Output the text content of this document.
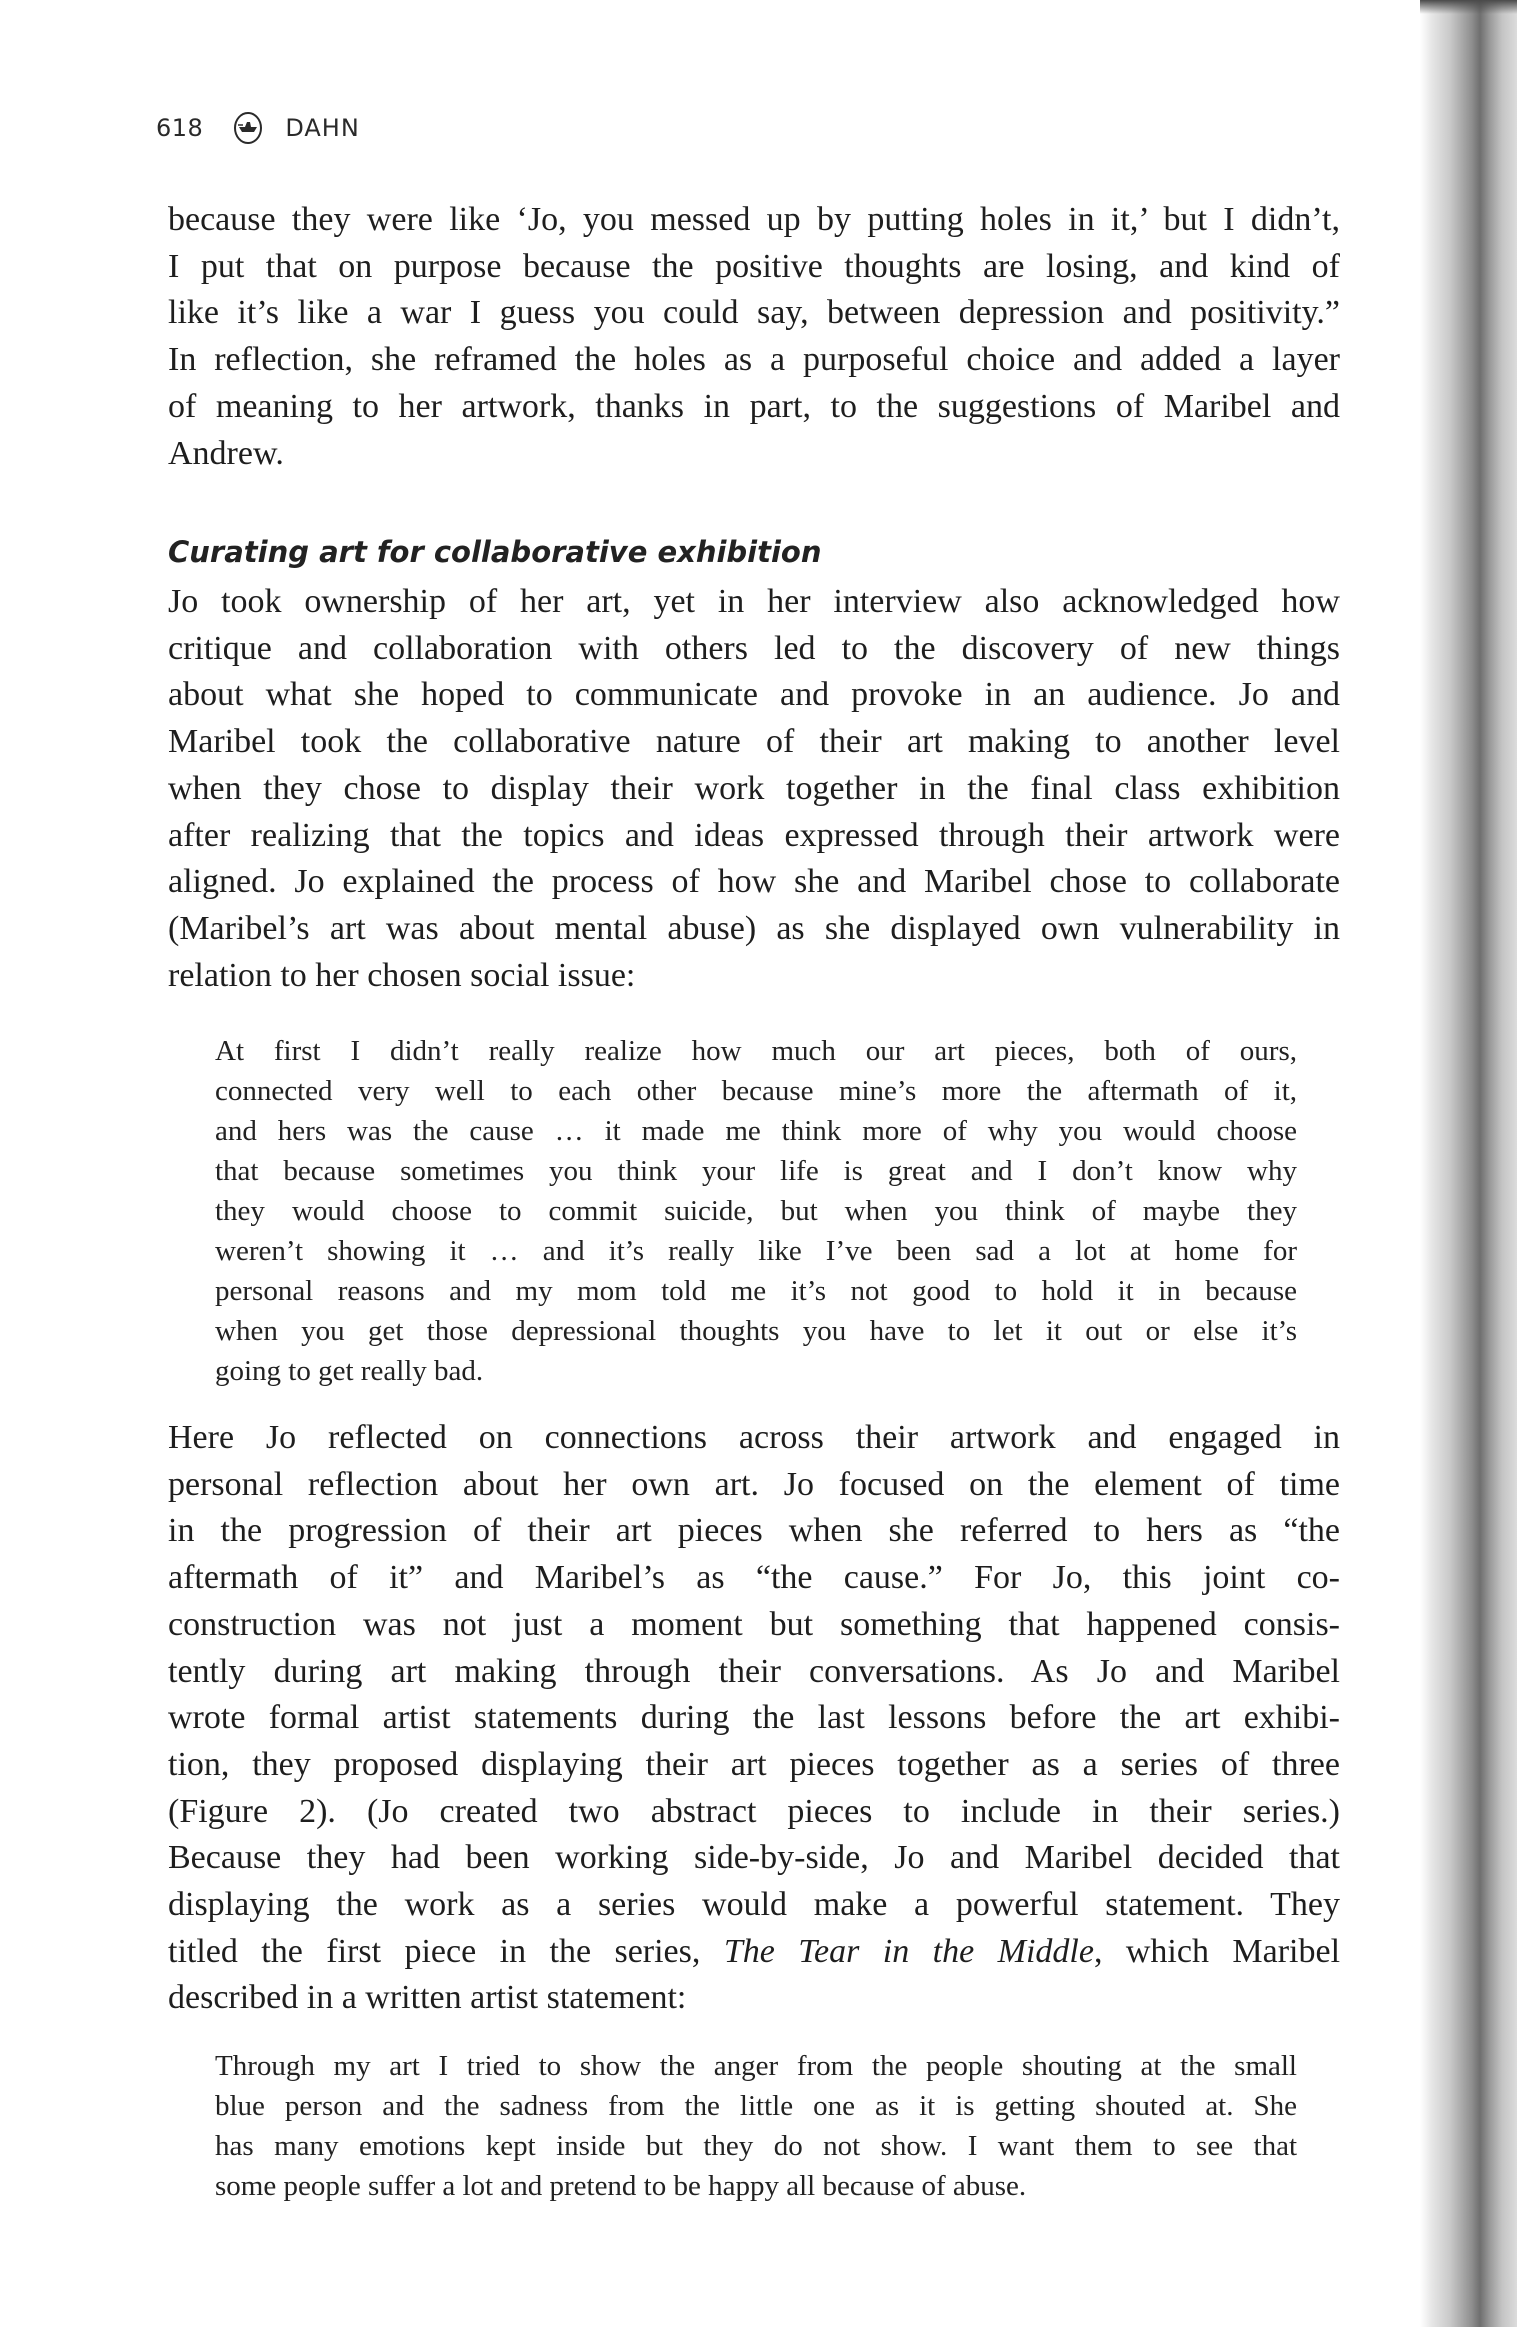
618	DAHN
because they were like ‘Jo, you messed up by putting holes in it,’ but I didn’t,
I put that on purpose because the positive thoughts are losing, and kind of
like it’s like a war I guess you could say, between depression and positivity.”
In reflection, she reframed the holes as a purposeful choice and added a layer
of meaning to her artwork, thanks in part, to the suggestions of Maribel and
Andrew.
Curating art for collaborative exhibition
Jo took ownership of her art, yet in her interview also acknowledged how
critique and collaboration with others led to the discovery of new things
about what she hoped to communicate and provoke in an audience. Jo and
Maribel took the collaborative nature of their art making to another level
when they chose to display their work together in the final class exhibition
after realizing that the topics and ideas expressed through their artwork were
aligned. Jo explained the process of how she and Maribel chose to collaborate
(Maribel’s art was about mental abuse) as she displayed own vulnerability in
relation to her chosen social issue:
At first I didn’t really realize how much our art pieces, both of ours,
connected very well to each other because mine’s more the aftermath of it,
and hers was the cause … it made me think more of why you would choose
that because sometimes you think your life is great and I don’t know why
they would choose to commit suicide, but when you think of maybe they
weren’t showing it … and it’s really like I’ve been sad a lot at home for
personal reasons and my mom told me it’s not good to hold it in because
when you get those depressional thoughts you have to let it out or else it’s
going to get really bad.
Here Jo reflected on connections across their artwork and engaged in
personal reflection about her own art. Jo focused on the element of time
in the progression of their art pieces when she referred to hers as “the
aftermath of it” and Maribel’s as “the cause.” For Jo, this joint co-
construction was not just a moment but something that happened consis-
tently during art making through their conversations. As Jo and Maribel
wrote formal artist statements during the last lessons before the art exhibi-
tion, they proposed displaying their art pieces together as a series of three
(Figure 2). (Jo created two abstract pieces to include in their series.)
Because they had been working side-by-side, Jo and Maribel decided that
displaying the work as a series would make a powerful statement. They
titled the first piece in the series, The Tear in the Middle, which Maribel
described in a written artist statement:
Through my art I tried to show the anger from the people shouting at the small
blue person and the sadness from the little one as it is getting shouted at. She
has many emotions kept inside but they do not show. I want them to see that
some people suffer a lot and pretend to be happy all because of abuse.
